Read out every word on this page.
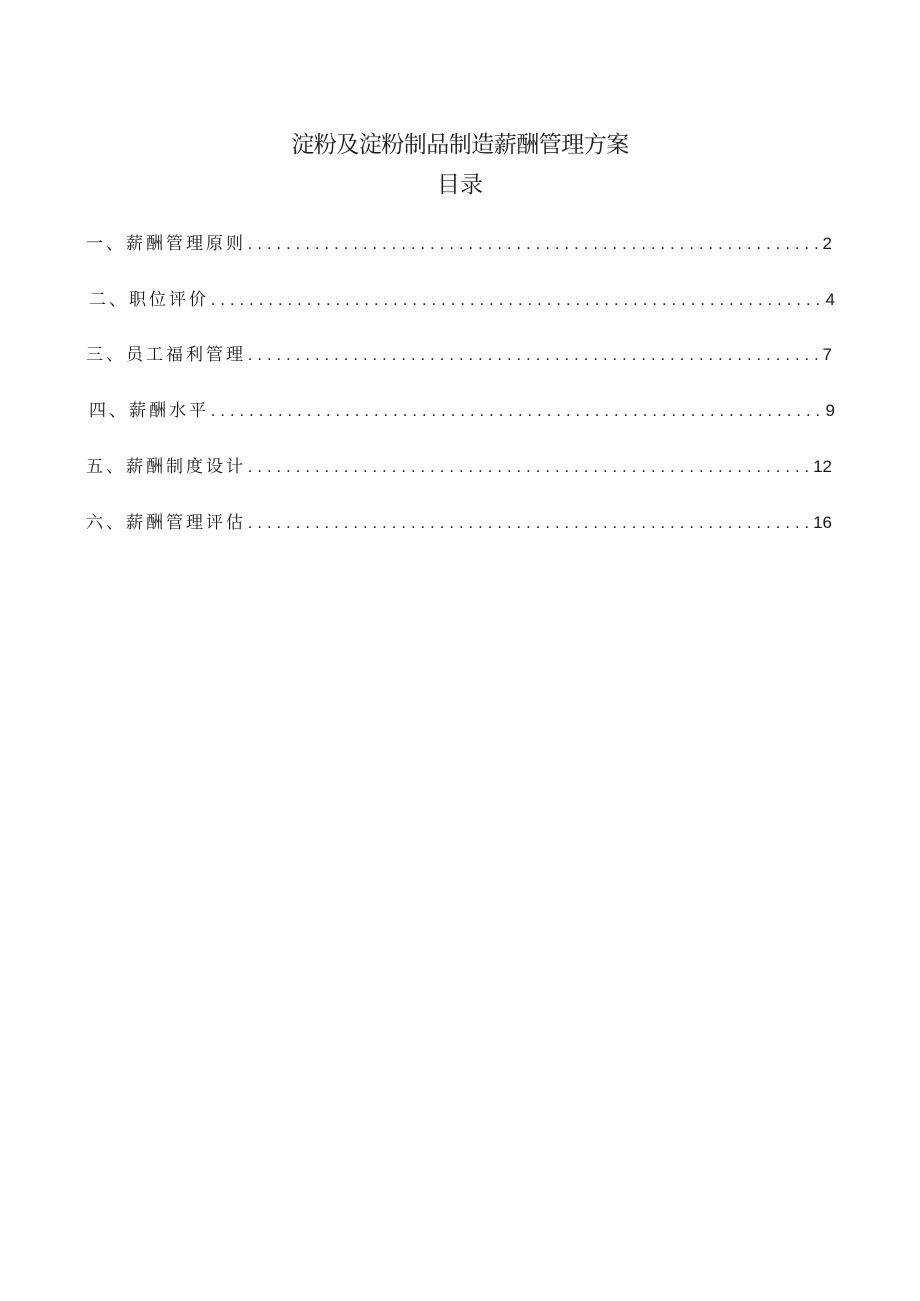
淀粉及淀粉制品制造薪酬管理方案
目录
一、薪酬管理原则 .....	2
二、职位评价 .....	4
三、员工福利管理 .....	7
四、薪酬水平 .....	9
五、薪酬制度设计 .....	12
六、薪酬管理评估 .....	16
